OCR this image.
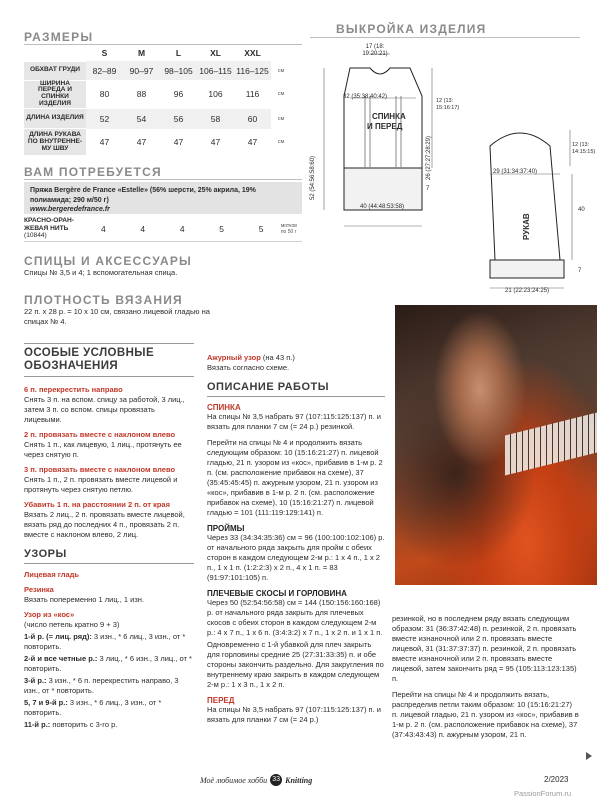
РАЗМЕРЫ
	S	M	L	XL	XXL	
ОБХВАТ ГРУДИ	82–89	90–97	98–105	106–115	116–125	см
ШИРИНА ПЕРЕДА И СПИНКИ ИЗДЕЛИЯ	80	88	96	106	116	см
ДЛИНА ИЗДЕЛИЯ	52	54	56	58	60	см
ДЛИНА РУКАВА ПО ВНУТРЕННЕ-МУ ШВУ	47	47	47	47	47	см
ВАМ ПОТРЕБУЕТСЯ
Пряжа Bergère de France «Estelle» (56% шерсти, 25% акрила, 19% полиамида; 290 м/50 г)
www.bergeredefrance.fr
КРАСНО-ОРАН-ЖЕВАЯ НИТЬ
(10844)
4	4	4	5	5	мотков по 50 г
СПИЦЫ И АКСЕССУАРЫ
Спицы № 3,5 и 4; 1 вспомогательная спица.
ПЛОТНОСТЬ ВЯЗАНИЯ
22 п. х 28 р. = 10 х 10 см, связано лицевой гладью на спицах № 4.
ВЫКРОЙКА ИЗДЕЛИЯ
17 (18: 19:20:21)
32 (35:38:40:42)
СПИНКА
И ПЕРЕД
52 (54:56:58:60)
12 (13: 15:16:17)
26 (27:27:28:29)
7
40 (44:48:53:58)
12 (13: 14:15:15)
29 (31:34:37:40)
РУКАВ
40
7
21 (22:23:24:25)
ОСОБЫЕ УСЛОВНЫЕ ОБОЗНАЧЕНИЯ
6 п. перекрестить направо

Снять 3 п. на вспом. спицу за работой, 3 лиц., затем 3 п. со вспом. спицы провязать лицевыми.

2 п. провязать вместе с наклоном влево

Снять 1 п., как лицевую, 1 лиц., протянуть ее через снятую п.

3 п. провязать вместе с наклоном влево

Снять 1 п., 2 п. провязать вместе лицевой и протянуть через снятую петлю.

Убавить 1 п. на расстоянии 2 п. от края

Вязать 2 лиц., 2 п. провязать вместе лицевой, вязать ряд до последних 4 п., провязать 2 п. вместе с наклоном влево, 2 лиц.

УЗОРЫ
Лицевая гладь
Резинка

Вязать попеременно 1 лиц., 1 изн.

Узор из «кос»

(число петель кратно 9 + 3)

1-й р. (= лиц. ряд): 3 изн., * 6 лиц., 3 изн., от * повторить.

2-й и все четные р.: 3 лиц., * 6 изн., 3 лиц., от * повторить.

3-й р.: 3 изн., * 6 п. перекрестить направо, 3 изн., от * повторить.

5, 7 и 9-й р.: 3 изн., * 6 лиц., 3 изн., от * повторить.

11-й р.: повторить с 3-го р.

Ажурный узор (на 43 п.)

Вязать согласно схеме.

ОПИСАНИЕ РАБОТЫ
СПИНКА

На спицы № 3,5 набрать 97 (107:115:125:137) п. и вязать для планки 7 см (= 24 р.) резинкой.

Перейти на спицы № 4 и продолжить вязать следующим образом: 10 (15:16:21:27) п. лицевой гладью, 21 п. узором из «кос», прибавив в 1-м р. 2 п. (см. расположение прибавок на схеме), 37 (35:45:45:45) п. ажурным узором, 21 п. узором из «кос», прибавив в 1-м р. 2 п. (см. расположение прибавок на схеме), 10 (15:16:21:27) п. лицевой гладью = 101 (111:119:129:141) п.

ПРОЙМЫ

Через 33 (34:34:35:36) см = 96 (100:100:102:106) р. от начального ряда закрыть для пройм с обеих сторон в каждом следующем 2-м р.: 1 x 4 п., 1 x 2 п., 1 x 1 п. (1:2:2:3) x 2 п., 4 x 1 п. = 83 (91:97:101:105) п.

ПЛЕЧЕВЫЕ СКОСЫ И ГОРЛОВИНА

Через 50 (52:54:56:58) см = 144 (150:156:160:168) р. от начального ряда закрыть для плечевых скосов с обеих сторон в каждом следующем 2-м р.: 4 x 7 п., 1 x 6 п. (3:4:3:2) x 7 п., 1 x 2 п. и 1 x 1 п.

Одновременно с 1-й убавкой для плеч закрыть для горловины средние 25 (27:31:33:35) п. и обе стороны закончить раздельно. Для закругления по внутреннему краю закрыть в каждом следующем 2-м р.: 1 x 3 п., 1 x 2 п.

ПЕРЕД

На спицы № 3,5 набрать 97 (107:115:125:137) п. и вязать для планки 7 см (= 24 р.)

резинкой, но в последнем ряду вязать следующим образом: 31 (36:37:42:48) п. резинкой, 2 п. провязать вместе изнаночной или 2 п. провязать вместе лицевой, 31 (31:37:37:37) п. резинкой, 2 п. провязать вместе изнаночной или 2 п. провязать вместе лицевой, затем закончить ряд = 95 (105:113:123:135) п.

Перейти на спицы № 4 и продолжить вязать, распределив петли таким образом: 10 (15:16:21:27) п. лицевой гладью, 21 п. узором из «кос», прибавив в 1-м р. 2 п. (см. расположение прибавок на схеме), 37 (37:43:43:43) п. ажурным узором, 21 п.

Моё любимое хобби 33 Knitting	2/2023
PassionForum.ru
